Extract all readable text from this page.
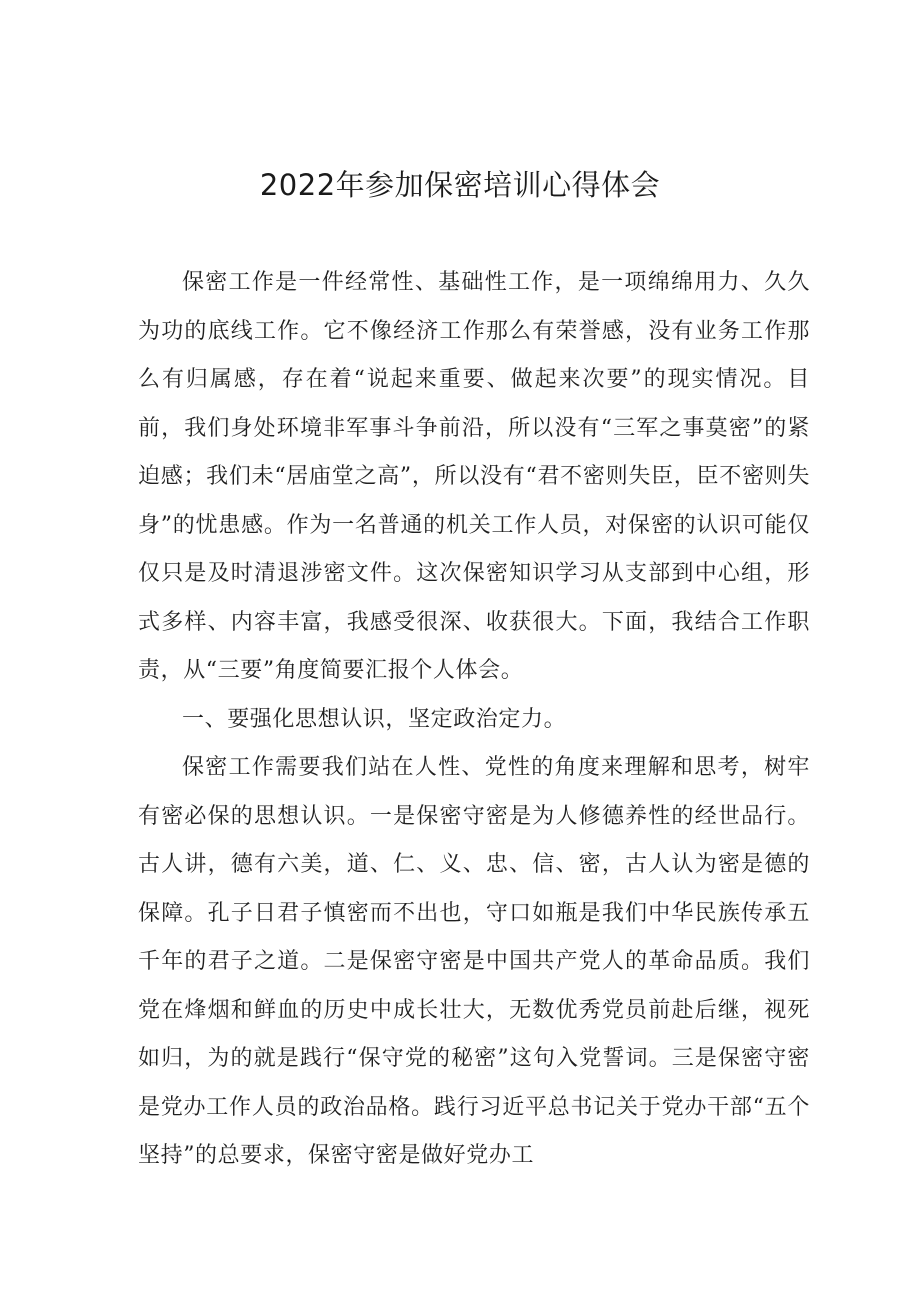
2022年参加保密培训心得体会

保密工作是一件经常性、基础性工作，是一项绵绵用力、久久为功的底线工作。它不像经济工作那么有荣誉感，没有业务工作那么有归属感，存在着“说起来重要、做起来次要”的现实情况。目前，我们身处环境非军事斗争前沿，所以没有“三军之事莫密”的紧迫感；我们未“居庙堂之高”，所以没有“君不密则失臣，臣不密则失身”的忧患感。作为一名普通的机关工作人员，对保密的认识可能仅仅只是及时清退涉密文件。这次保密知识学习从支部到中心组，形式多样、内容丰富，我感受很深、收获很大。下面，我结合工作职责，从“三要”角度简要汇报个人体会。

一、要强化思想认识，坚定政治定力。

保密工作需要我们站在人性、党性的角度来理解和思考，树牢有密必保的思想认识。一是保密守密是为人修德养性的经世品行。古人讲，德有六美，道、仁、义、忠、信、密，古人认为密是德的保障。孔子日君子慎密而不出也，守口如瓶是我们中华民族传承五千年的君子之道。二是保密守密是中国共产党人的革命品质。我们党在烽烟和鲜血的历史中成长壮大，无数优秀党员前赴后继，视死如归，为的就是践行“保守党的秘密”这句入党誓词。三是保密守密是党办工作人员的政治品格。践行习近平总书记关于党办干部“五个坚持”的总要求，保密守密是做好党办工
